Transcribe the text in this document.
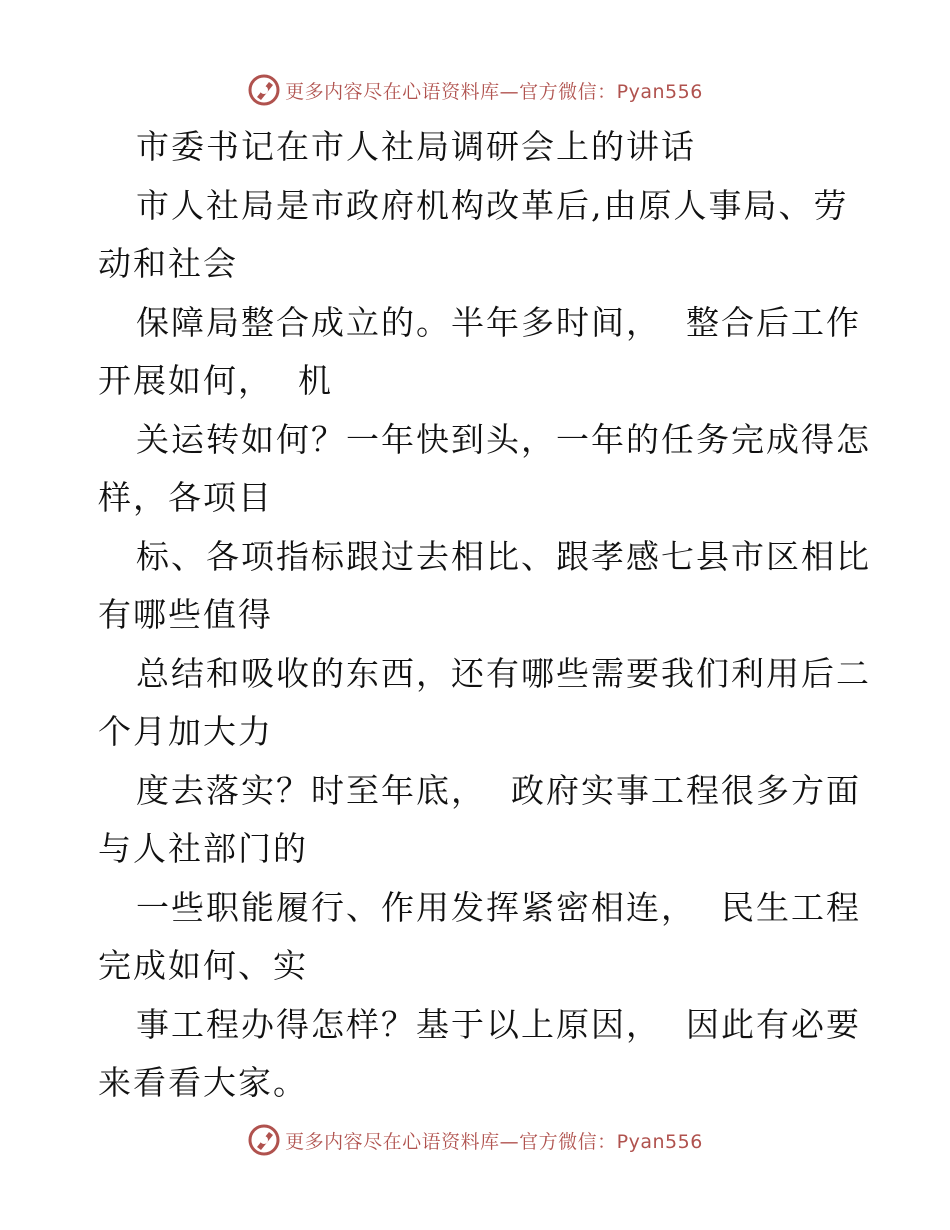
更多内容尽在心语资料库—官方微信：Pyan556
市委书记在市人社局调研会上的讲话
市人社局是市政府机构改革后,由原人事局、劳
动和社会
保障局整合成立的。半年多时间，  整合后工作
开展如何，  机
关运转如何？一年快到头，一年的任务完成得怎
样，各项目
标、各项指标跟过去相比、跟孝感七县市区相比
有哪些值得
总结和吸收的东西，还有哪些需要我们利用后二
个月加大力
度去落实？时至年底，  政府实事工程很多方面
与人社部门的
一些职能履行、作用发挥紧密相连，  民生工程
完成如何、实
事工程办得怎样？基于以上原因，  因此有必要
来看看大家。
更多内容尽在心语资料库—官方微信：Pyan556
